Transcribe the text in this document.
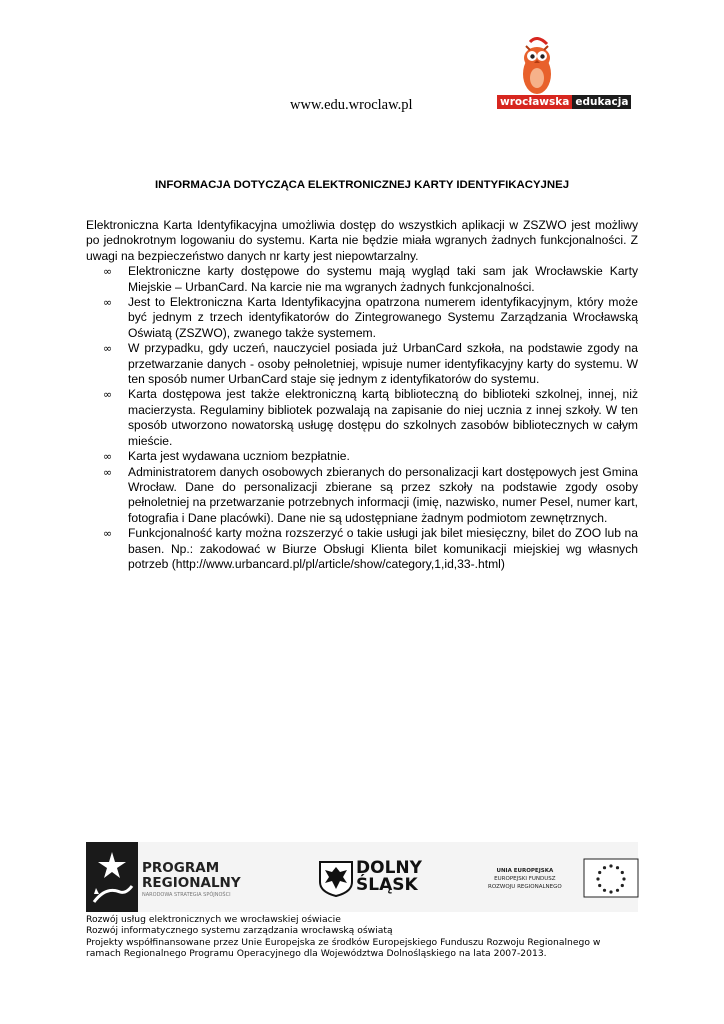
www.edu.wroclaw.pl	wrocławska edukacja
INFORMACJA DOTYCZĄCA ELEKTRONICZNEJ KARTY IDENTYFIKACYJNEJ

Elektroniczna Karta Identyfikacyjna umożliwia dostęp do wszystkich aplikacji w ZSZWO jest możliwy po jednokrotnym logowaniu do systemu. Karta nie będzie miała wgranych żadnych funkcjonalności. Z uwagi na bezpieczeństwo danych nr karty jest niepowtarzalny.

∞ Elektroniczne karty dostępowe do systemu mają wygląd taki sam jak Wrocławskie Karty Miejskie – UrbanCard. Na karcie nie ma wgranych żadnych funkcjonalności.
∞ Jest to Elektroniczna Karta Identyfikacyjna opatrzona numerem identyfikacyjnym, który może być jednym z trzech identyfikatorów do Zintegrowanego Systemu Zarządzania Wrocławską Oświatą (ZSZWO), zwanego także systemem.
∞ W przypadku, gdy uczeń, nauczyciel posiada już UrbanCard szkoła, na podstawie zgody na przetwarzanie danych - osoby pełnoletniej, wpisuje numer identyfikacyjny karty do systemu. W ten sposób numer UrbanCard staje się jednym z identyfikatorów do systemu.
∞ Karta dostępowa jest także elektroniczną kartą biblioteczną do biblioteki szkolnej, innej, niż macierzysta. Regulaminy bibliotek pozwalają na zapisanie do niej ucznia z innej szkoły. W ten sposób utworzono nowatorską usługę dostępu do szkolnych zasobów bibliotecznych w całym mieście.
∞ Karta jest wydawana uczniom bezpłatnie.
∞ Administratorem danych osobowych zbieranych do personalizacji kart dostępowych jest Gmina Wrocław. Dane do personalizacji zbierane są przez szkoły na podstawie zgody osoby pełnoletniej na przetwarzanie potrzebnych informacji (imię, nazwisko, numer Pesel, numer kart, fotografia i Dane placówki). Dane nie są udostępniane żadnym podmiotom zewnętrznych.
∞ Funkcjonalność karty można rozszerzyć o takie usługi jak bilet miesięczny, bilet do ZOO lub na basen. Np.: zakodować w Biurze Obsługi Klienta bilet komunikacji miejskiej wg własnych potrzeb (http://www.urbancard.pl/pl/article/show/category,1,id,33-.html)
PROGRAM
REGIONALNY
NARODOWA STRATEGIA SPÓJNOŚCI
DOLNY
ŚLĄSK
UNIA EUROPEJSKA
EUROPEJSKI FUNDUSZ
ROZWOJU REGIONALNEGO
Rozwój usług elektronicznych we wrocławskiej oświacie
Rozwój informatycznego systemu zarządzania wrocławską oświatą
Projekty współfinansowane przez Unie Europejska ze środków Europejskiego Funduszu Rozwoju Regionalnego w
ramach Regionalnego Programu Operacyjnego dla Województwa Dolnośląskiego na lata 2007-2013.
